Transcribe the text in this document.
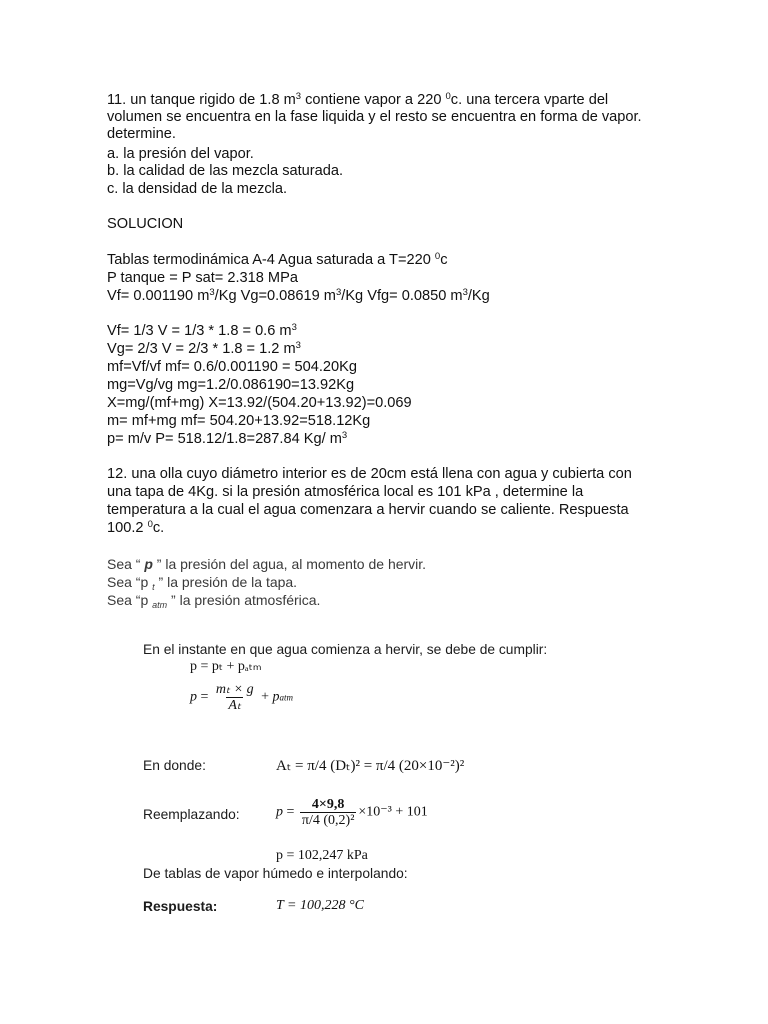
11. un tanque rigido de 1.8 $m^3$ contiene vapor a 220 $^0$c. una tercera vparte del
volumen se encuentra en la fase liquida y el resto se encuentra en forma de vapor.
determine.
a. la presión del vapor.
b. la calidad de las mezcla saturada.
c. la densidad de la mezcla.
SOLUCION
Tablas termodinámica A-4 Agua saturada a T=220 $^0$c
P tanque = P sat= 2.318 MPa
Vf= 0.001190 $m^3/Kg$ Vg=0.08619 $m^3/Kg$ Vfg= 0.0850 $m^3/Kg$
Vf= 1/3 V = 1/3 * 1.8 = 0.6 $m^3$
Vg= 2/3 V = 2/3 * 1.8 = 1.2 $m^3$
mf=Vf/vf mf= 0.6/0.001190 = 504.20Kg
mg=Vg/vg mg=1.2/0.086190=13.92Kg
X=mg/(mf+mg) X=13.92/(504.20+13.92)=0.069
m= mf+mg mf= 504.20+13.92=518.12Kg
p= m/v P= 518.12/1.8=287.84 Kg/ $m^3$
12. una olla cuyo diámetro interior es de 20cm está llena con agua y cubierta con
una tapa de 4Kg. si la presión atmosférica local es 101 kPa , determine la
temperatura a la cual el agua comenzara a hervir cuando se caliente. Respuesta
100.2 $^0$c.
Sea “ p ” la presión del agua, al momento de hervir.
Sea “p $_t$ ” la presión de la tapa.
Sea “p $_{atm}$ ” la presión atmosférica.
En el instante en que agua comienza a hervir, se debe de cumplir:
p = pₜ + pₐₜₘ
$p = \frac{\text{mₜ × g}}{\text{Aₜ}}$ + patm
En donde:	Aₜ = π/4 (Dₜ)² = π/4 (20×10⁻²)²
Reemplazando:	$p = \frac{4\times 9,8}{\text{π/4 (0,2)²}} \times 10^{-3} + 101$
p = 102,247 kPa
De tablas de vapor húmedo e interpolando:
Respuesta:	T = 100,228 °C
